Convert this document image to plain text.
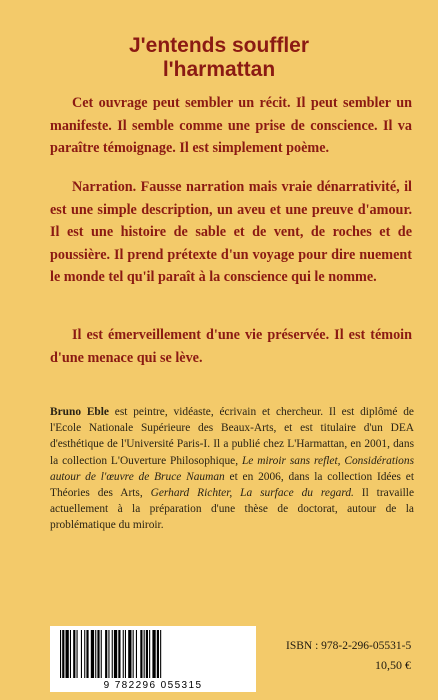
J'entends souffler
l'harmattan

Cet ouvrage peut sembler un récit. Il peut sembler un manifeste. Il semble comme une prise de conscience. Il va paraître témoignage. Il est simplement poème.

Narration. Fausse narration mais vraie dénarrativité, il est une simple description, un aveu et une preuve d'amour. Il est une histoire de sable et de vent, de roches et de poussière. Il prend prétexte d'un voyage pour dire nuement le monde tel qu'il paraît à la conscience qui le nomme.

Il est émerveillement d'une vie préservée. Il est témoin d'une menace qui se lève.

Bruno Eble est peintre, vidéaste, écrivain et chercheur. Il est diplômé de l'Ecole Nationale Supérieure des Beaux-Arts, et est titulaire d'un DEA d'esthétique de l'Université Paris-I. Il a publié chez L'Harmattan, en 2001, dans la collection L'Ouverture Philosophique, Le miroir sans reflet, Considérations autour de l'œuvre de Bruce Nauman et en 2006, dans la collection Idées et Théories des Arts, Gerhard Richter, La surface du regard. Il travaille actuellement à la préparation d'une thèse de doctorat, autour de la problématique du miroir.

9 782296 055315
ISBN : 978-2-296-05531-5
10,50 €
